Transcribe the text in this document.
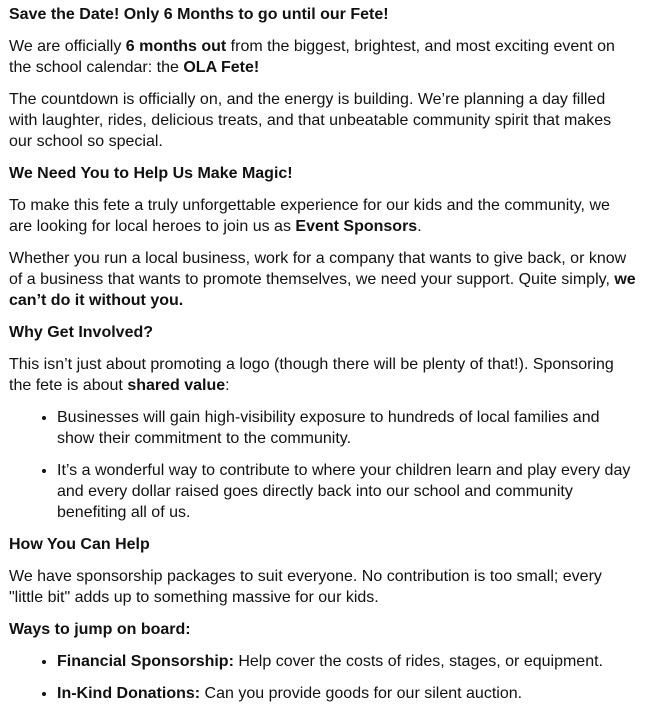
Save the Date! Only 6 Months to go until our Fete!

We are officially 6 months out from the biggest, brightest, and most exciting event on the school calendar: the OLA Fete!

The countdown is officially on, and the energy is building. We’re planning a day filled with laughter, rides, delicious treats, and that unbeatable community spirit that makes our school so special.

We Need You to Help Us Make Magic!

To make this fete a truly unforgettable experience for our kids and the community, we are looking for local heroes to join us as Event Sponsors.

Whether you run a local business, work for a company that wants to give back, or know of a business that wants to promote themselves, we need your support. Quite simply, we can’t do it without you.

Why Get Involved?

This isn’t just about promoting a logo (though there will be plenty of that!). Sponsoring the fete is about shared value:

• Businesses will gain high-visibility exposure to hundreds of local families and show their commitment to the community.
• It’s a wonderful way to contribute to where your children learn and play every day and every dollar raised goes directly back into our school and community benefiting all of us.

How You Can Help

We have sponsorship packages to suit everyone. No contribution is too small; every "little bit" adds up to something massive for our kids.

Ways to jump on board:

• Financial Sponsorship: Help cover the costs of rides, stages, or equipment.
• In-Kind Donations: Can you provide goods for our silent auction.
